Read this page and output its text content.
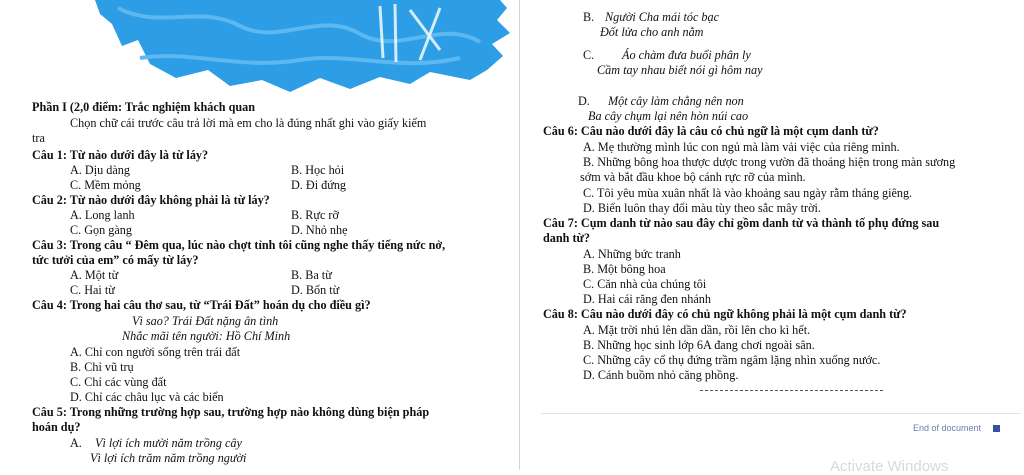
Phần I (2,0 điểm: Trắc nghiệm khách quan
Chọn chữ cái trước câu trả lời mà em cho là đúng nhất ghi vào giấy kiểm
tra
Câu 1: Từ nào dưới đây là từ láy?
A. Dịu dàng	B. Học hỏi
C. Mềm mỏng	D. Đi đứng
Câu 2: Từ nào dưới đây không phải là từ láy?
A. Long lanh	B. Rực rỡ
C. Gọn gàng	D. Nhỏ nhẹ
Câu 3: Trong câu “ Đêm qua, lúc nào chợt tỉnh tôi cũng nghe thấy tiếng nức nở,
tức tưởi của em” có mấy từ láy?
A. Một từ	B. Ba từ
C. Hai từ	D. Bốn từ
Câu 4: Trong hai câu thơ sau, từ “Trái Đất” hoán dụ cho điều gì?
Vì sao? Trái Đất nặng ân tình
Nhắc mãi tên người: Hồ Chí Minh
A. Chỉ con người sống trên trái đất
B. Chỉ vũ trụ
C. Chỉ các vùng đất
D. Chỉ các châu lục và các biển
Câu 5: Trong những trường hợp sau, trường hợp nào không dùng biện pháp
hoán dụ?
A. Vì lợi ích mười năm trồng cây
Vì lợi ích trăm năm trồng người
B. Người Cha mái tóc bạc
Đốt lửa cho anh nằm
C. Áo chàm đưa buổi phân ly
Cầm tay nhau biết nói gì hôm nay
D. Một cây làm chẳng nên non
Ba cây chụm lại nên hòn núi cao
Câu 6: Câu nào dưới đây là câu có chủ ngữ là một cụm danh từ?
A. Mẹ thường mình lúc con ngủ mà làm vải việc của riêng mình.
B. Những bông hoa thược dược trong vườn đã thoáng hiện trong màn sương
sớm và bắt đầu khoe bộ cánh rực rỡ của mình.
C. Tôi yêu mùa xuân nhất là vào khoảng sau ngày rằm tháng giêng.
D. Biển luôn thay đổi màu tùy theo sắc mây trời.
Câu 7: Cụm danh từ nào sau đây chỉ gồm danh từ và thành tố phụ đứng sau
danh từ?
A. Những bức tranh
B. Một bông hoa
C. Căn nhà của chúng tôi
D. Hai cái răng đen nhánh
Câu 8: Câu nào dưới đây có chủ ngữ không phải là một cụm danh từ?
A. Mặt trời nhú lên dần dần, rồi lên cho kì hết.
B. Những học sinh lớp 6A đang chơi ngoài sân.
C. Những cây cổ thụ đứng trầm ngâm lặng nhìn xuống nước.
D. Cánh buồm nhỏ căng phồng.
End of document
Activate Windows
